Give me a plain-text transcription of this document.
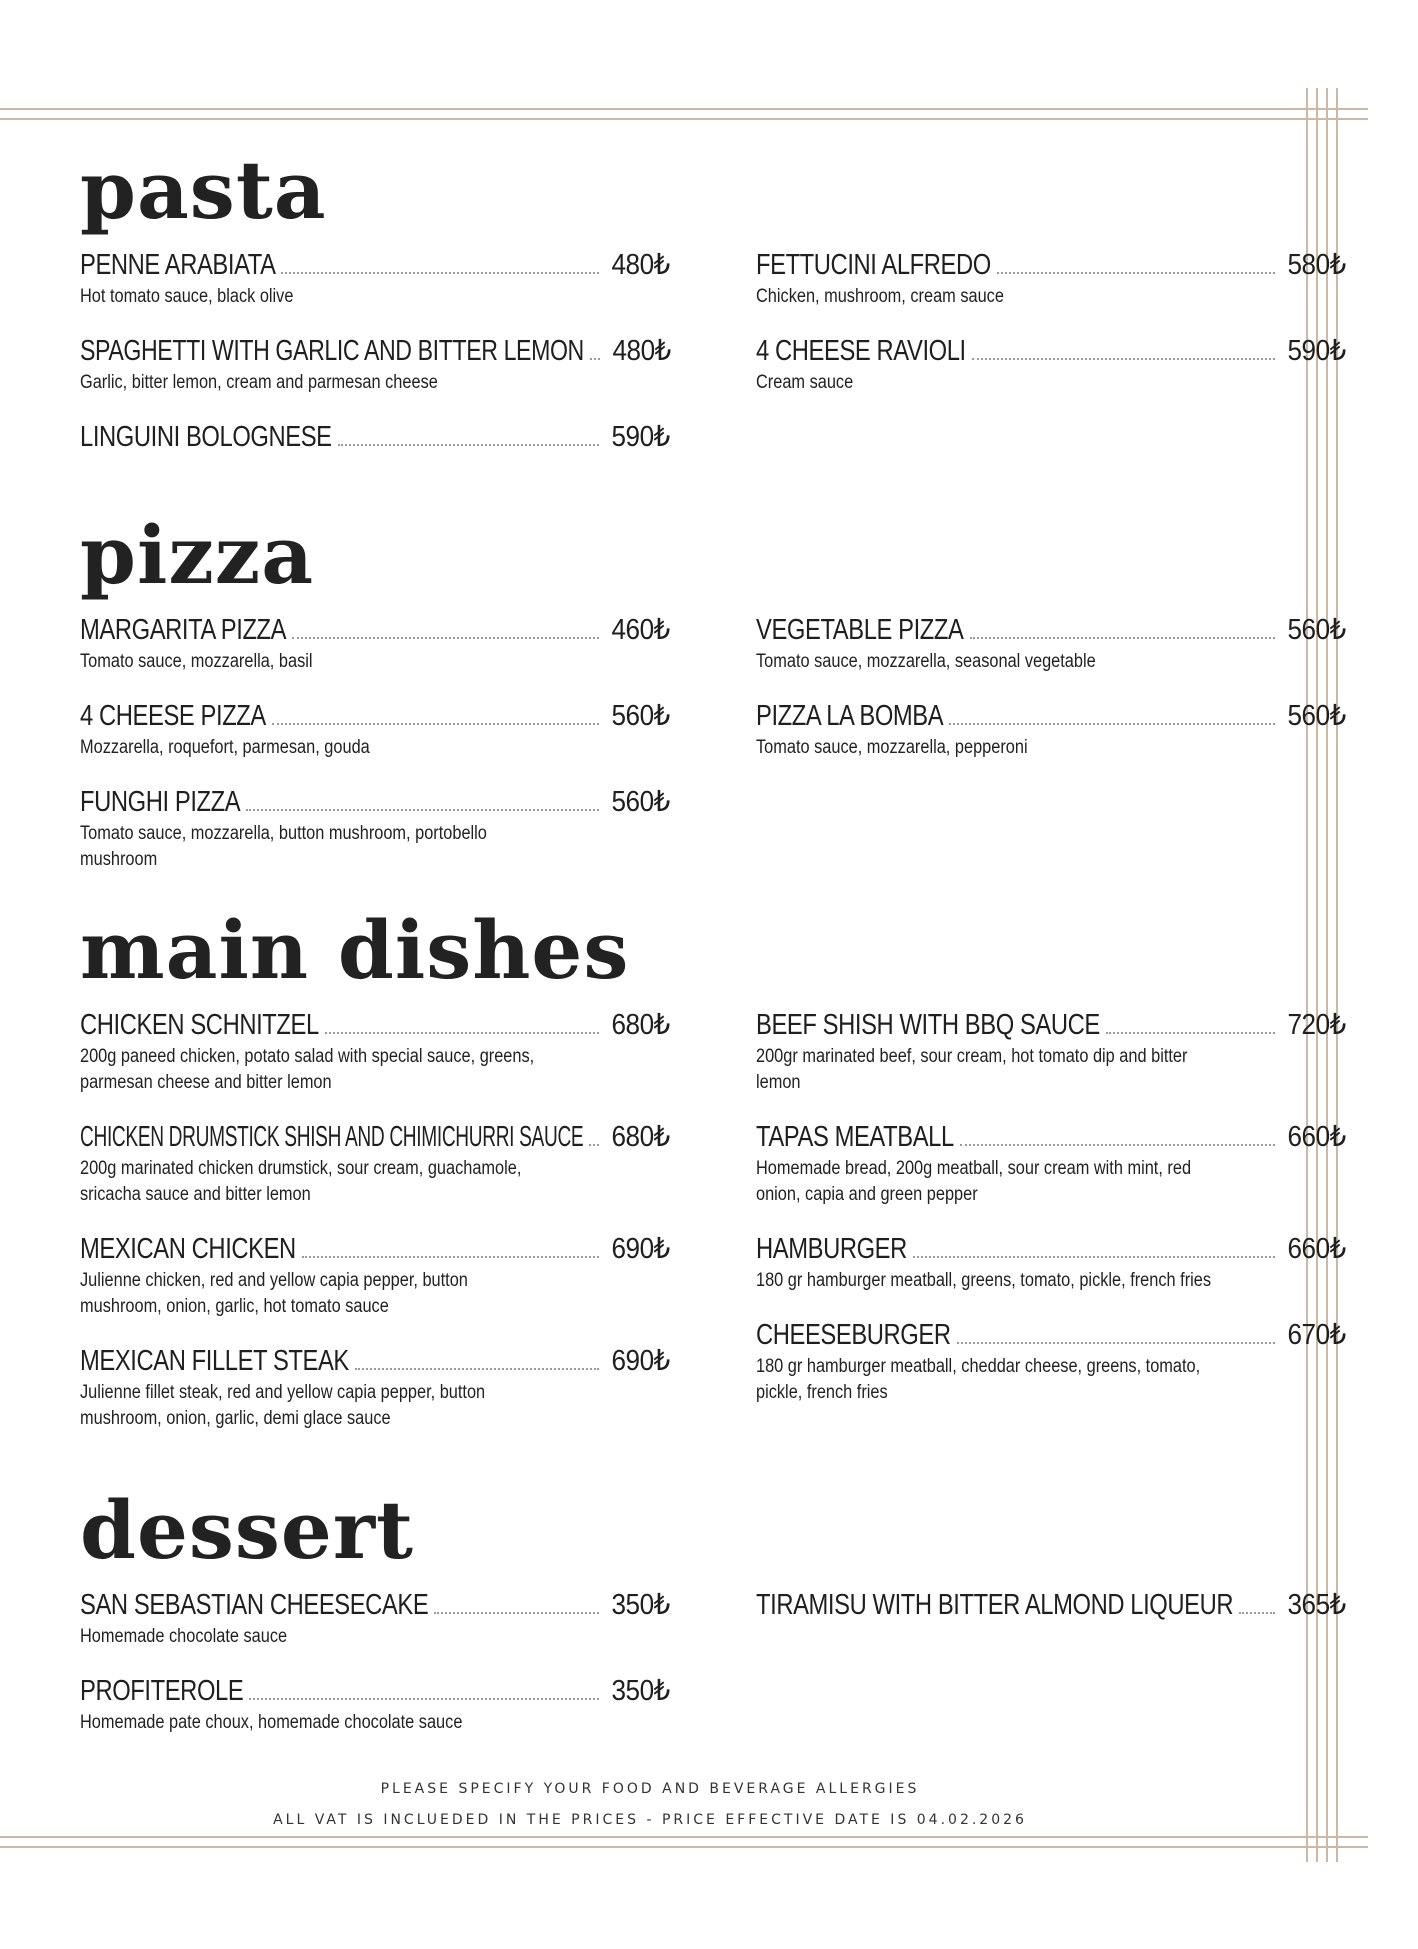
pasta
PENNE ARABIATA	480₺
Hot tomato sauce, black olive
SPAGHETTI WITH GARLIC AND BITTER LEMON 480₺
Garlic, bitter lemon, cream and parmesan cheese
LINGUINI BOLOGNESE	590₺
FETTUCINI ALFREDO	580₺
Chicken, mushroom, cream sauce
4 CHEESE RAVIOLI	590₺
Cream sauce
pizza
MARGARITA PIZZA	460₺
Tomato sauce, mozzarella, basil
4 CHEESE PIZZA	560₺
Mozzarella, roquefort, parmesan, gouda
FUNGHI PIZZA	560₺
Tomato sauce, mozzarella, button mushroom, portobello mushroom
VEGETABLE PIZZA	560₺
Tomato sauce, mozzarella, seasonal vegetable
PIZZA LA BOMBA	560₺
Tomato sauce, mozzarella, pepperoni
main dishes
CHICKEN SCHNITZEL	680₺
200g paneed chicken, potato salad with special sauce, greens, parmesan cheese and bitter lemon
CHICKEN DRUMSTICK SHISH AND CHIMICHURRI SAUCE 680₺
200g marinated chicken drumstick, sour cream, guachamole, sricacha sauce and bitter lemon
MEXICAN CHICKEN	690₺
Julienne chicken, red and yellow capia pepper, button mushroom, onion, garlic, hot tomato sauce
MEXICAN FILLET STEAK	690₺
Julienne fillet steak, red and yellow capia pepper, button mushroom, onion, garlic, demi glace sauce
BEEF SHISH WITH BBQ SAUCE	720₺
200gr marinated beef, sour cream, hot tomato dip and bitter lemon
TAPAS MEATBALL	660₺
Homemade bread, 200g meatball, sour cream with mint, red onion, capia and green pepper
HAMBURGER	660₺
180 gr hamburger meatball, greens, tomato, pickle, french fries
CHEESEBURGER	670₺
180 gr hamburger meatball, cheddar cheese, greens, tomato, pickle, french fries
dessert
SAN SEBASTIAN CHEESECAKE	350₺
Homemade chocolate sauce
PROFITEROLE	350₺
Homemade pate choux, homemade chocolate sauce
TIRAMISU WITH BITTER ALMOND LIQUEUR 365₺
PLEASE SPECIFY YOUR FOOD AND BEVERAGE ALLERGIES
ALL VAT IS INCLUEDED IN THE PRICES - PRICE EFFECTIVE DATE IS 04.02.2026
